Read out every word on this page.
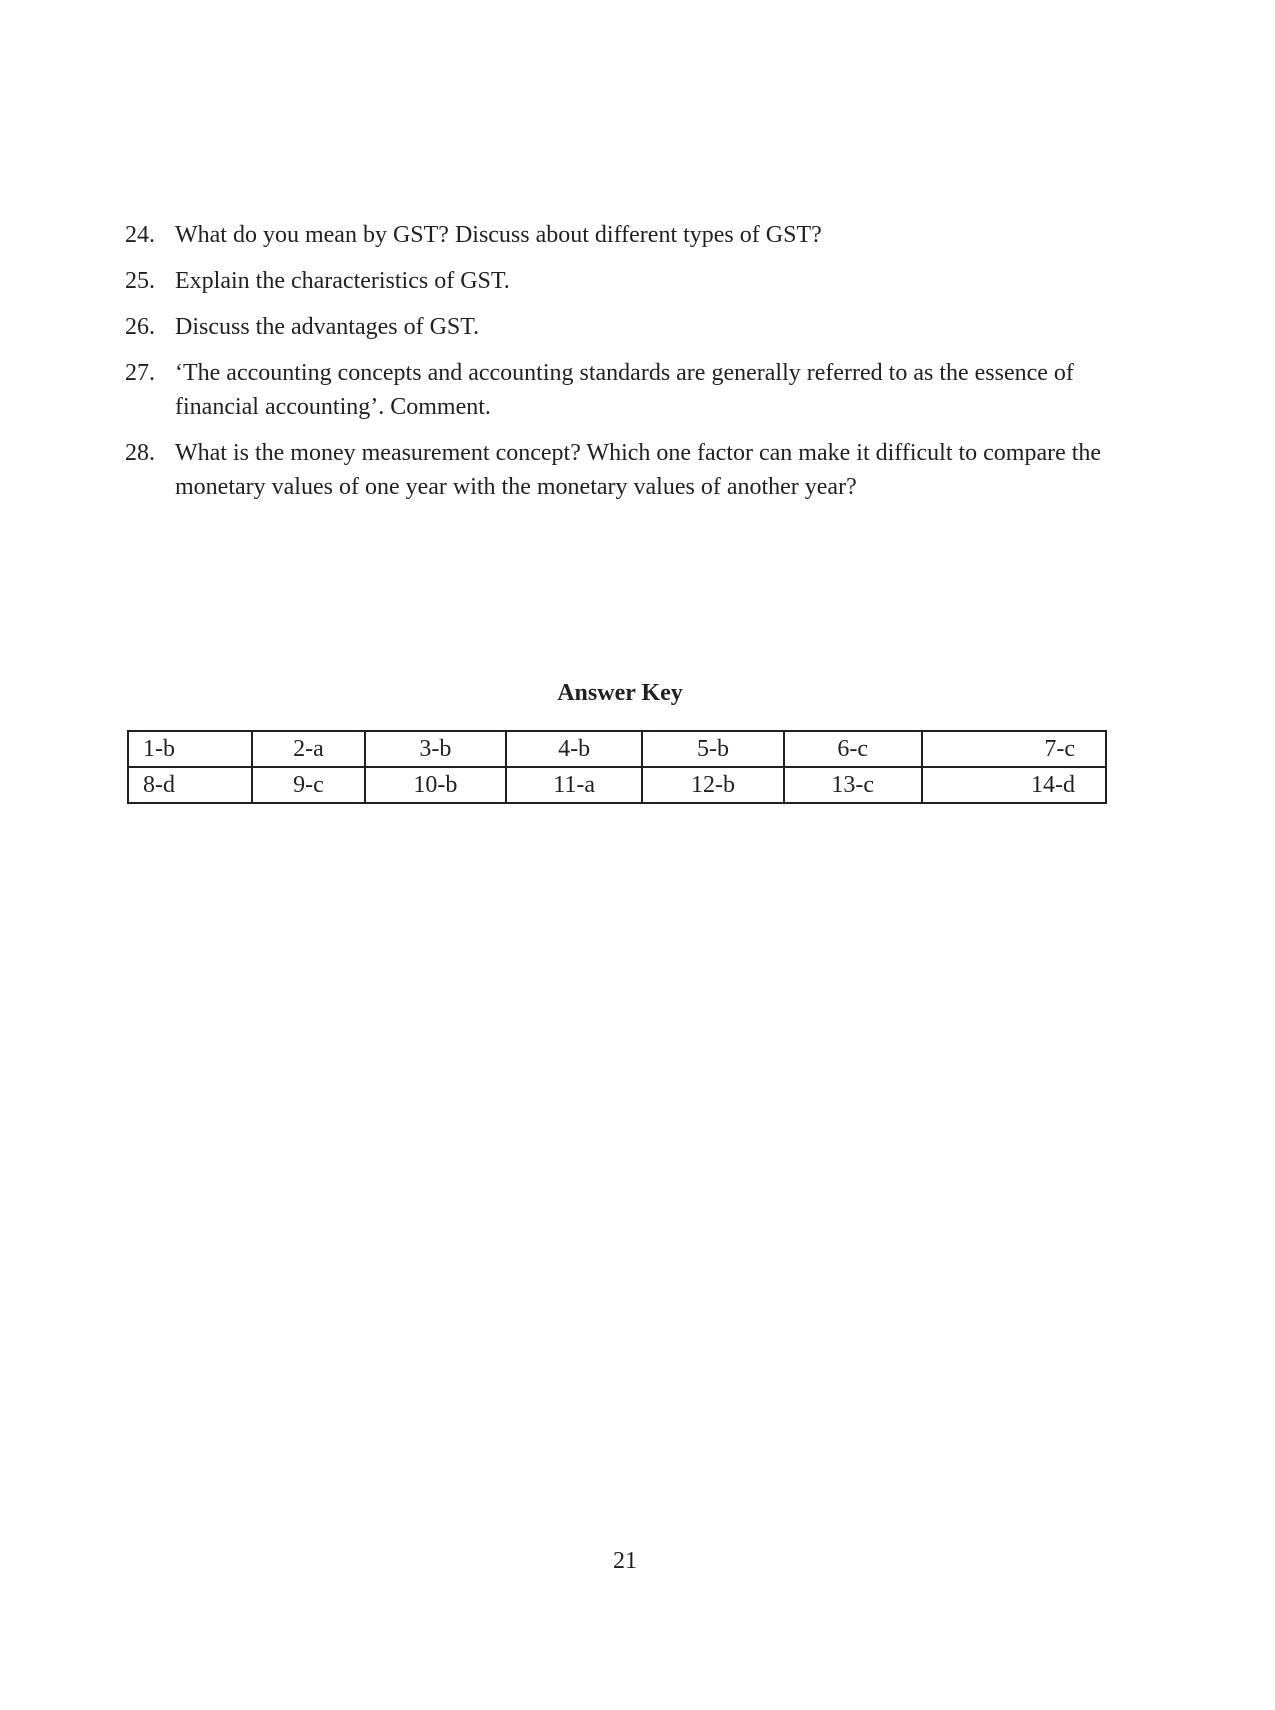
24. What do you mean by GST? Discuss about different types of GST?
25. Explain the characteristics of GST.
26. Discuss the advantages of GST.
27. ‘The accounting concepts and accounting standards are generally referred to as the essence of financial accounting’. Comment.
28. What is the money measurement concept? Which one factor can make it difficult to compare the monetary values of one year with the monetary values of another year?
Answer Key
1-b	2-a	3-b	4-b	5-b	6-c	7-c
8-d	9-c	10-b	11-a	12-b	13-c	14-d

21
